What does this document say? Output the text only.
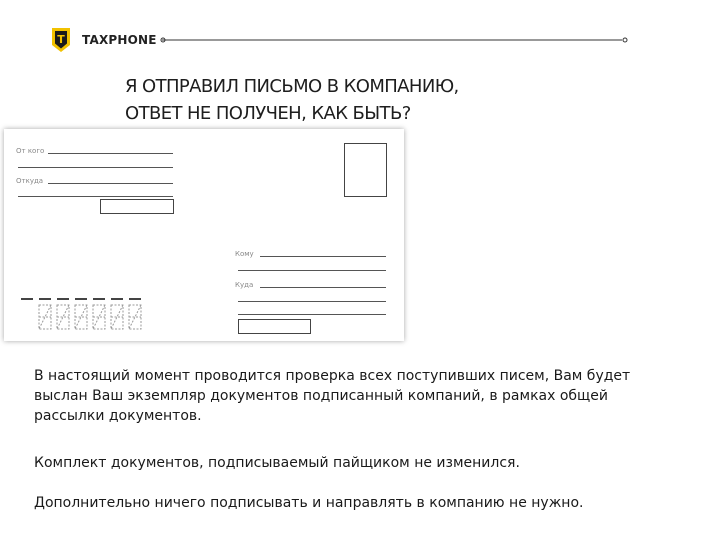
T TAXPHONE
Я ОТПРАВИЛ ПИСЬМО В КОМПАНИЮ,
ОТВЕТ НЕ ПОЛУЧЕН, КАК БЫТЬ?
От кого
Откуда
Кому
Куда
В настоящий момент проводится проверка всех поступивших писем, Вам будет выслан Ваш экземпляр документов подписанный компаний, в рамках общей рассылки документов.
Комплект документов, подписываемый пайщиком не изменился.
Дополнительно ничего подписывать и направлять в компанию не нужно.
